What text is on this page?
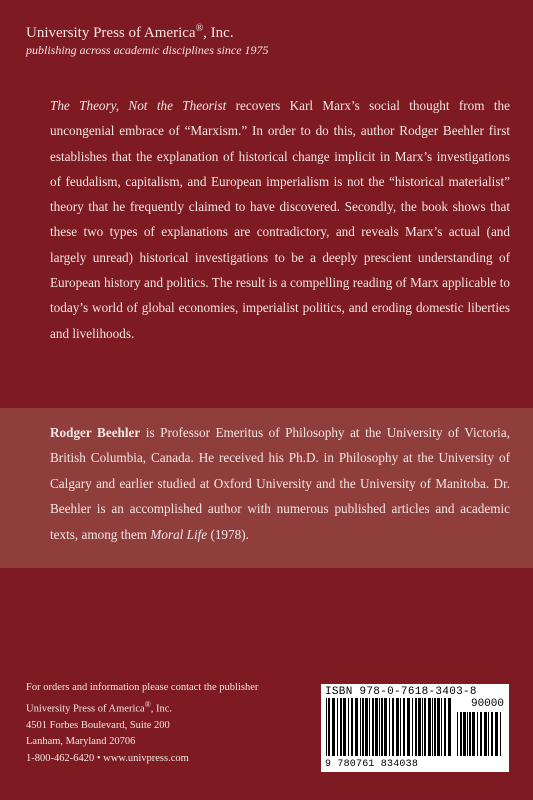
University Press of America®, Inc.
publishing across academic disciplines since 1975
The Theory, Not the Theorist recovers Karl Marx’s social thought from the uncongenial embrace of “Marxism.” In order to do this, author Rodger Beehler first establishes that the explanation of historical change implicit in Marx’s investigations of feudalism, capitalism, and European imperialism is not the “historical materialist” theory that he frequently claimed to have discovered. Secondly, the book shows that these two types of explanations are contradictory, and reveals Marx’s actual (and largely unread) historical investigations to be a deeply prescient understanding of European history and politics. The result is a compelling reading of Marx applicable to today’s world of global economies, imperialist politics, and eroding domestic liberties and livelihoods.
Rodger Beehler is Professor Emeritus of Philosophy at the University of Victoria, British Columbia, Canada. He received his Ph.D. in Philosophy at the University of Calgary and earlier studied at Oxford University and the University of Manitoba. Dr. Beehler is an accomplished author with numerous published articles and academic texts, among them Moral Life (1978).
For orders and information please contact the publisher
University Press of America®, Inc.
4501 Forbes Boulevard, Suite 200
Lanham, Maryland 20706
1-800-462-6420 • www.univpress.com
ISBN 978-0-7618-3403-8
90000
9 780761 834038
